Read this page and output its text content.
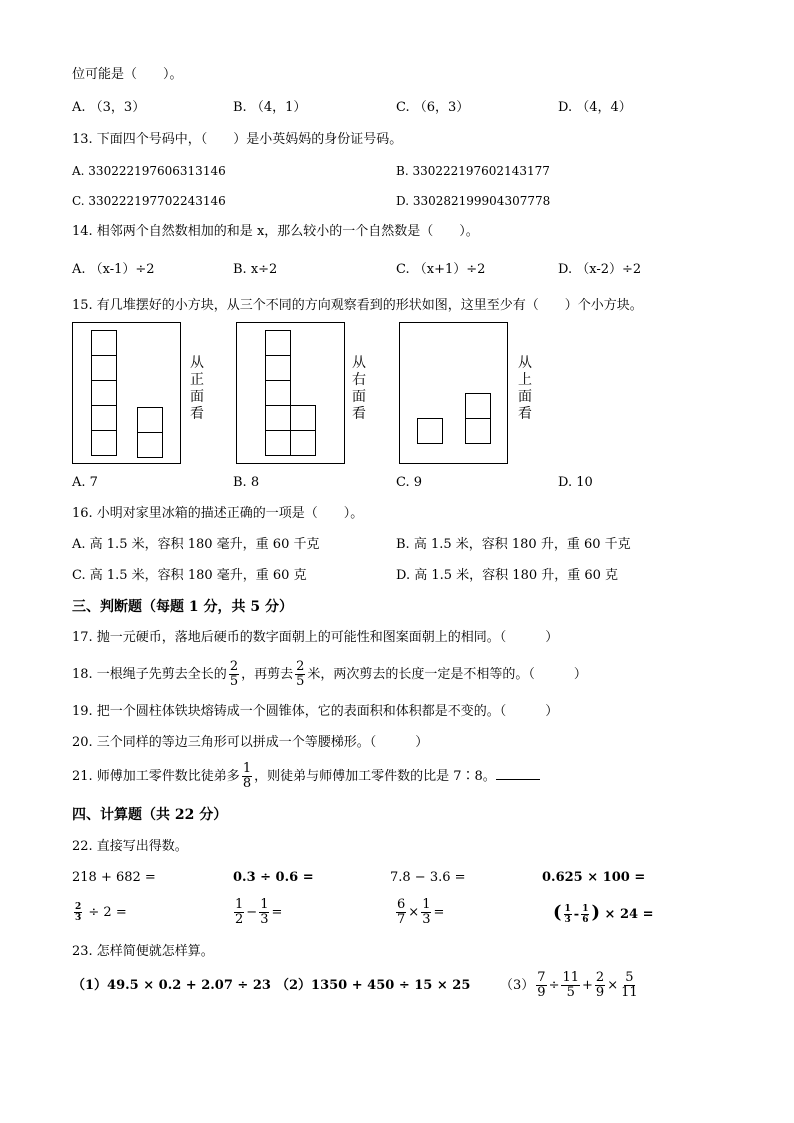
位可能是（　　）。
A. （3，3）	B. （4，1）	C. （6，3）	D. （4，4）
13. 下面四个号码中，（　　）是小英妈妈的身份证号码。
A. 330222197606313146	B. 330222197602143177
C. 330222197702243146	D. 330282199904307778
14. 相邻两个自然数相加的和是 x，那么较小的一个自然数是（　　）。
A. （x-1）÷2	B. x÷2	C. （x+1）÷2	D. （x-2）÷2
15. 有几堆摆好的小方块，从三个不同的方向观察看到的形状如图，这里至少有（　　）个小方块。
从正面看
从右面看
从上面看
A. 7	B. 8	C. 9	D. 10
16. 小明对家里冰箱的描述正确的一项是（　　）。
A. 高 1.5 米，容积 180 毫升，重 60 千克	B. 高 1.5 米，容积 180 升，重 60 千克
C. 高 1.5 米，容积 180 毫升，重 60 克	D. 高 1.5 米，容积 180 升，重 60 克
三、判断题（每题 1 分，共 5 分）
17. 抛一元硬币，落地后硬币的数字面朝上的可能性和图案面朝上的相同。（　　　）
18. 一根绳子先剪去全长的 $\frac{2}{5}$ ，再剪去 $\frac{2}{5}$ 米，两次剪去的长度一定是不相等的。（　　　）
19. 把一个圆柱体铁块熔铸成一个圆锥体，它的表面积和体积都是不变的。（　　　）
20. 三个同样的等边三角形可以拼成一个等腰梯形。（　　　）
21. 师傅加工零件数比徒弟多 $\frac{1}{8}$ ，则徒弟与师傅加工零件数的比是 7∶8。
四、计算题（共 22 分）
22. 直接写出得数。
218 + 682 =	0.3 ÷ 0.6 =	7.8 − 3.6 =	0.625 × 100 =
$\frac{2}{3} \div 2$ =	$\frac{1}{2} - \frac{1}{3}$ =	$\frac{6}{7} \times \frac{1}{3}$ =	( $\frac{1}{3} - \frac{1}{6}$ ) × 24 =
23. 怎样简便就怎样算。
（1）49.5 × 0.2 + 2.07 ÷ 23 （2）1350 + 450 ÷ 15 × 25 $(3) \frac{7}{9} \div \frac{11}{5} + \frac{2}{9} \times \frac{5}{11}$
